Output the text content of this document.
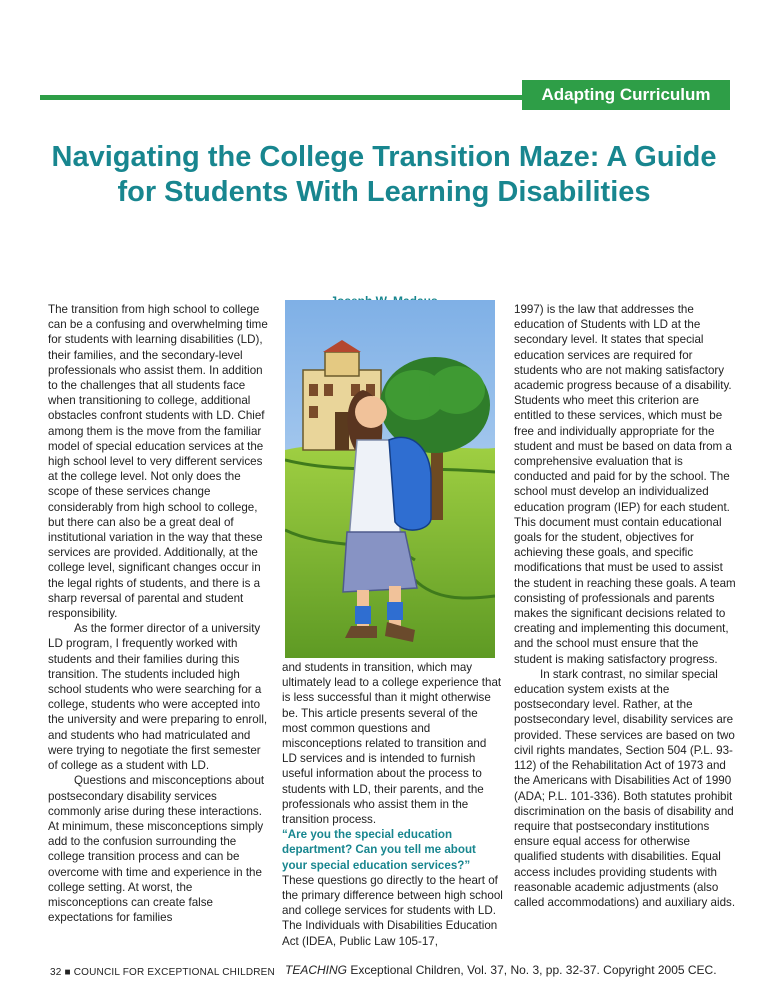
Adapting Curriculum
Navigating the College Transition Maze: A Guide for Students With Learning Disabilities

The transition from high school to college can be a confusing and overwhelming time for students with learning disabilities (LD), their families, and the secondary-level professionals who assist them. In addition to the challenges that all students face when transitioning to college, additional obstacles confront students with LD. Chief among them is the move from the familiar model of special education services at the high school level to very different services at the college level. Not only does the scope of these services change considerably from high school to college, but there can also be a great deal of institutional variation in the way that these services are provided. Additionally, at the college level, significant changes occur in the legal rights of students, and there is a sharp reversal of parental and student responsibility.

As the former director of a university LD program, I frequently worked with students and their families during this transition. The students included high school students who were searching for a college, students who were accepted into the university and were preparing to enroll, and students who had matriculated and were trying to negotiate the first semester of college as a student with LD.

Questions and misconceptions about postsecondary disability services commonly arise during these interactions. At minimum, these misconceptions simply add to the confusion surrounding the college transition process and can be overcome with time and experience in the college setting. At worst, the misconceptions can create false expectations for families

and students in transition, which may ultimately lead to a college experience that is less successful than it might otherwise be. This article presents several of the most common questions and misconceptions related to transition and LD services and is intended to furnish useful information about the process to students with LD, their parents, and the professionals who assist them in the transition process.

“Are you the special education department? Can you tell me about your special education services?”

These questions go directly to the heart of the primary difference between high school and college services for students with LD. The Individuals with Disabilities Education Act (IDEA, Public Law 105-17,

1997) is the law that addresses the education of Students with LD at the secondary level. It states that special education services are required for students who are not making satisfactory academic progress because of a disability. Students who meet this criterion are entitled to these services, which must be free and individually appropriate for the student and must be based on data from a comprehensive evaluation that is conducted and paid for by the school. The school must develop an individualized education program (IEP) for each student. This document must contain educational goals for the student, objectives for achieving these goals, and specific modifications that must be used to assist the student in reaching these goals. A team consisting of professionals and parents makes the significant decisions related to creating and implementing this document, and the school must ensure that the student is making satisfactory progress.

In stark contrast, no similar special education system exists at the postsecondary level. Rather, at the postsecondary level, disability services are provided. These services are based on two civil rights mandates, Section 504 (P.L. 93-112) of the Rehabilitation Act of 1973 and the Americans with Disabilities Act of 1990 (ADA; P.L. 101-336). Both statutes prohibit discrimination on the basis of disability and require that postsecondary institutions ensure equal access for otherwise qualified students with disabilities. Equal access includes providing students with reasonable academic adjustments (also called accommodations) and auxiliary aids.

32 ■ COUNCIL FOR EXCEPTIONAL CHILDREN TEACHING Exceptional Children, Vol. 37, No. 3, pp. 32-37. Copyright 2005 CEC.
